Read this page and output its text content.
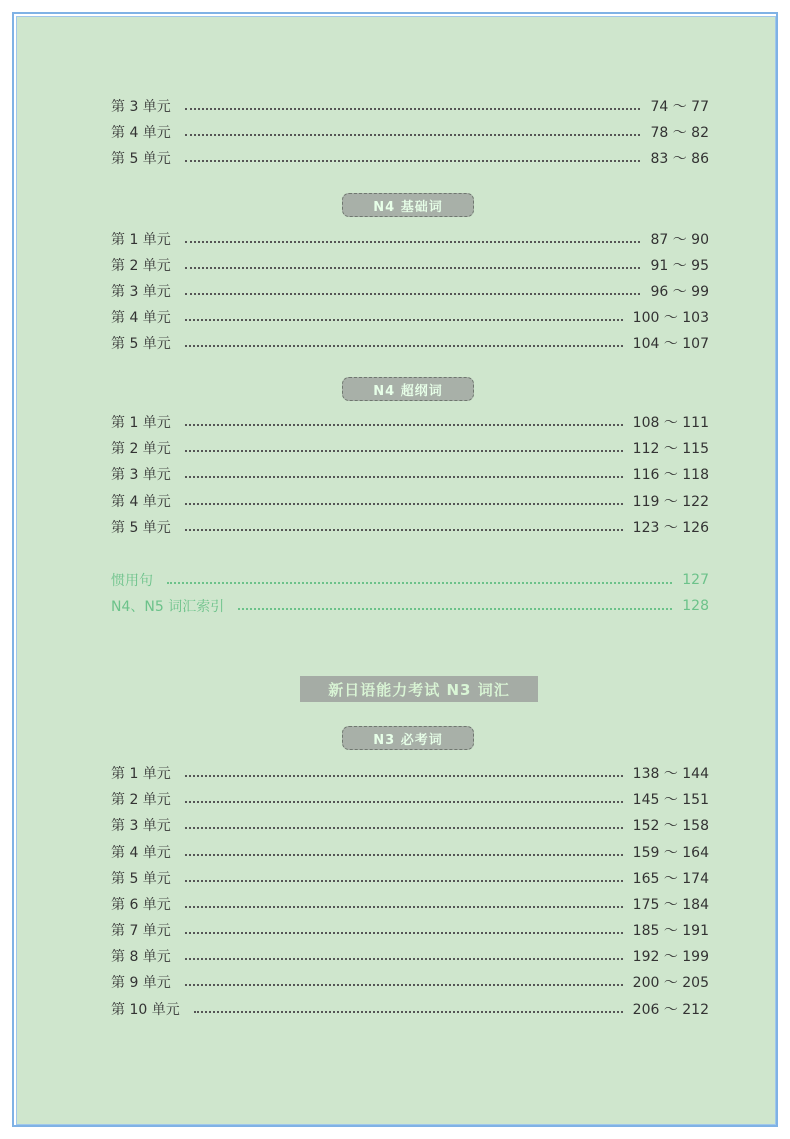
第 3 单元	74 ～ 77
第 4 单元	78 ～ 82
第 5 单元	83 ～ 86
N4 基础词
第 1 单元	87 ～ 90
第 2 单元	91 ～ 95
第 3 单元	96 ～ 99
第 4 单元	100 ～ 103
第 5 单元	104 ～ 107
N4 超纲词
第 1 单元	108 ～ 111
第 2 单元	112 ～ 115
第 3 单元	116 ～ 118
第 4 单元	119 ～ 122
第 5 单元	123 ～ 126
惯用句	127
N4、N5 词汇索引	128
新日语能力考试 N3 词汇
N3 必考词
第 1 单元	138 ～ 144
第 2 单元	145 ～ 151
第 3 单元	152 ～ 158
第 4 单元	159 ～ 164
第 5 单元	165 ～ 174
第 6 单元	175 ～ 184
第 7 单元	185 ～ 191
第 8 单元	192 ～ 199
第 9 单元	200 ～ 205
第 10 单元	206 ～ 212
